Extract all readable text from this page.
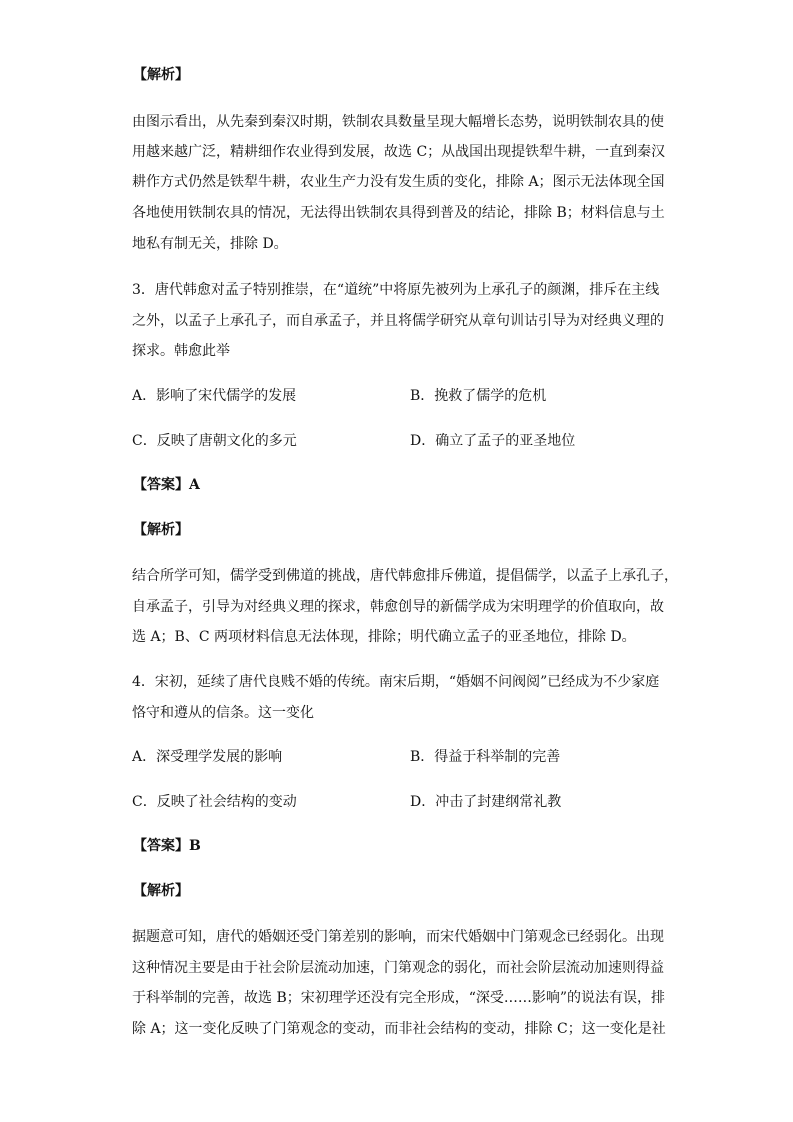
【解析】
由图示看出，从先秦到秦汉时期，铁制农具数量呈现大幅增长态势，说明铁制农具的使
用越来越广泛，精耕细作农业得到发展，故选 C；从战国出现提铁犁牛耕，一直到秦汉
耕作方式仍然是铁犁牛耕，农业生产力没有发生质的变化，排除 A；图示无法体现全国
各地使用铁制农具的情况，无法得出铁制农具得到普及的结论，排除 B；材料信息与土
地私有制无关，排除 D。
3．唐代韩愈对孟子特别推崇，在“道统”中将原先被列为上承孔子的颜渊，排斥在主线
之外，以孟子上承孔子，而自承孟子，并且将儒学研究从章句训诂引导为对经典义理的
探求。韩愈此举
A．影响了宋代儒学的发展	B．挽救了儒学的危机
C．反映了唐朝文化的多元	D．确立了孟子的亚圣地位
【答案】A
【解析】
结合所学可知，儒学受到佛道的挑战，唐代韩愈排斥佛道，提倡儒学，以孟子上承孔子，
自承孟子，引导为对经典义理的探求，韩愈创导的新儒学成为宋明理学的价值取向，故
选 A；B、C 两项材料信息无法体现，排除；明代确立孟子的亚圣地位，排除 D。
4．宋初，延续了唐代良贱不婚的传统。南宋后期，“婚姻不问阀阅”已经成为不少家庭
恪守和遵从的信条。这一变化
A．深受理学发展的影响	B．得益于科举制的完善
C．反映了社会结构的变动	D．冲击了封建纲常礼教
【答案】B
【解析】
据题意可知，唐代的婚姻还受门第差别的影响，而宋代婚姻中门第观念已经弱化。出现
这种情况主要是由于社会阶层流动加速，门第观念的弱化，而社会阶层流动加速则得益
于科举制的完善，故选 B；宋初理学还没有完全形成，“深受……影响”的说法有误，排
除 A；这一变化反映了门第观念的变动，而非社会结构的变动，排除 C；这一变化是社
